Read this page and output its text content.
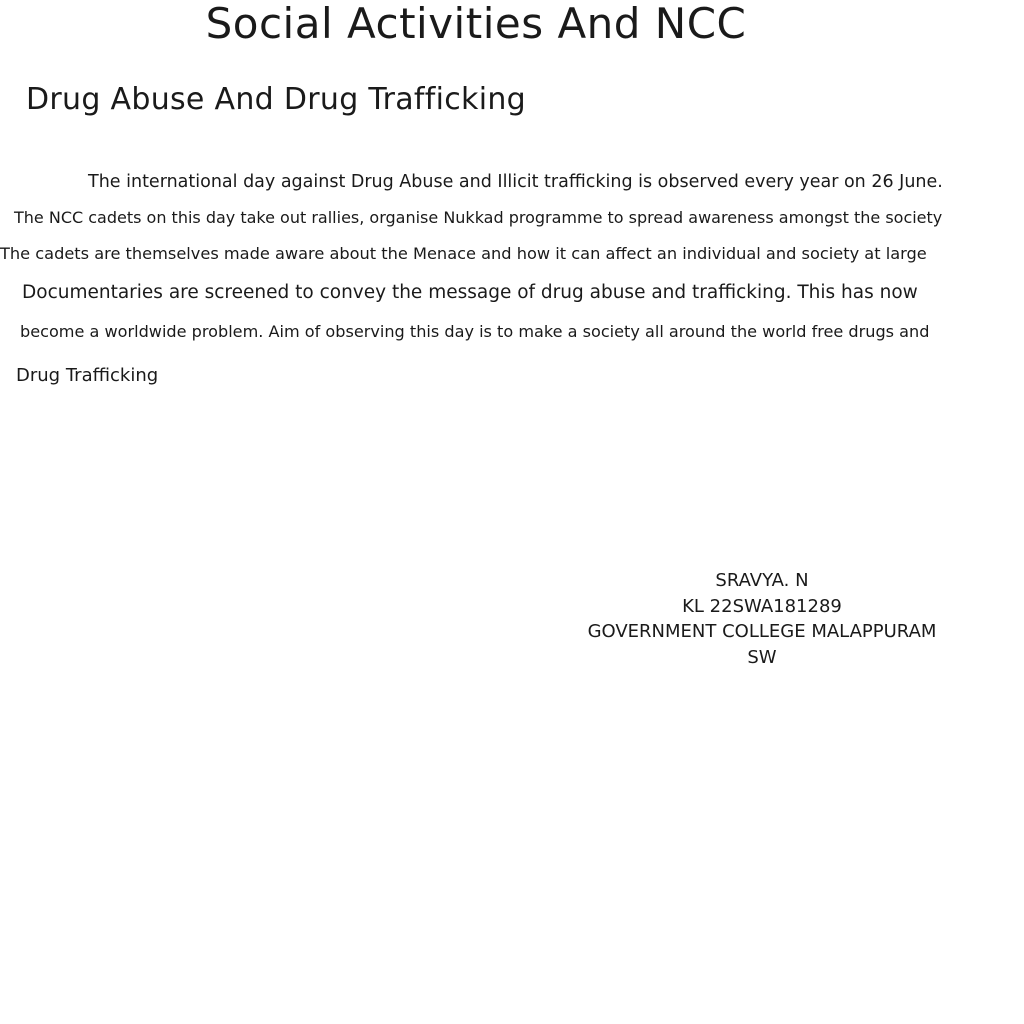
Social Activities And NCC
Drug Abuse And Drug Trafficking

The international day against Drug Abuse and Illicit trafficking is observed every year on 26 June.

The NCC cadets on this day take out rallies, organise Nukkad programme to spread awareness amongst the society

The cadets are themselves made aware about the Menace and how it can affect an individual and society at large

Documentaries are screened to convey the message of drug abuse and trafficking. This has now

become a worldwide problem. Aim of observing this day is to make a society all around the world free drugs and

Drug Trafficking

SRAVYA. N
KL 22SWA181289
GOVERNMENT COLLEGE MALAPPURAM
SW
